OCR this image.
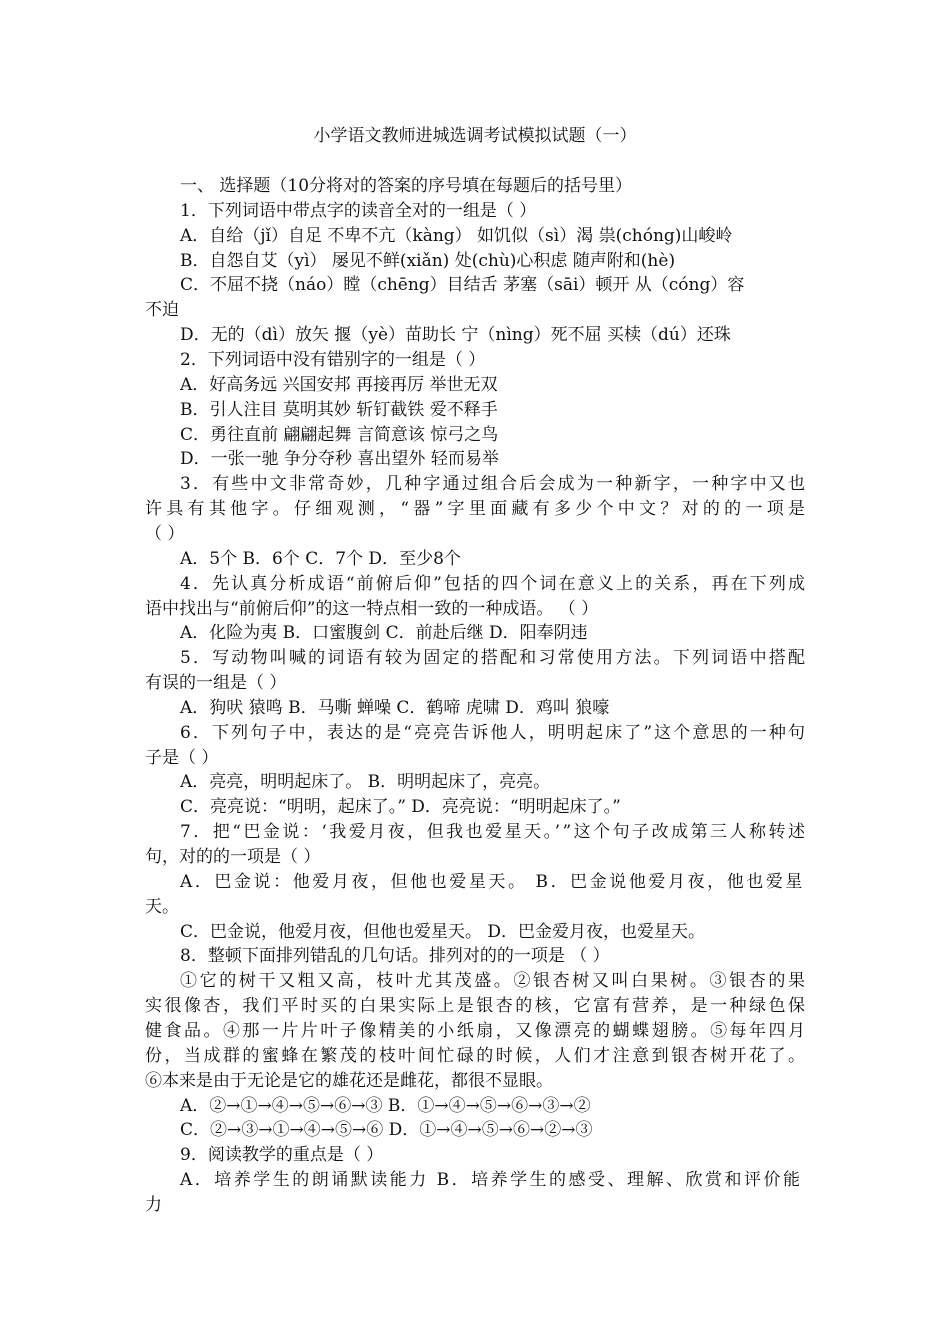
小学语文教师进城选调考试模拟试题（一）
一、 选择题（10分将对的答案的序号填在每题后的括号里）
1．下列词语中带点字的读音全对的一组是（ ）
A．自给（jǐ）自足 不卑不亢（kàng） 如饥似（sì）渴 祟(chóng)山峻岭
B．自怨自艾（yì） 屡见不鲜(xiǎn) 处(chù)心积虑 随声附和(hè)
C．不屈不挠（náo）瞠（chēng）目结舌 茅塞（sāi）顿开 从（cóng）容
不迫
D．无的（dì）放矢 揠（yè）苗助长 宁（nìng）死不屈 买椟（dú）还珠
2．下列词语中没有错别字的一组是（ ）
A．好高务远 兴国安邦 再接再厉 举世无双
B．引人注目 莫明其妙 斩钉截铁 爱不释手
C．勇往直前 翩翩起舞 言简意该 惊弓之鸟
D．一张一驰 争分夺秒 喜出望外 轻而易举
3．有些中文非常奇妙，几种字通过组合后会成为一种新字，一种字中又也
许具有其他字。仔细观测，“器”字里面藏有多少个中文？对的的一项是
（ ）
A．5个 B．6个 C．7个 D．至少8个
4．先认真分析成语“前俯后仰”包括的四个词在意义上的关系，再在下列成
语中找出与“前俯后仰”的这一特点相一致的一种成语。 （ ）
A．化险为夷 B．口蜜腹剑 C．前赴后继 D．阳奉阴违
5．写动物叫喊的词语有较为固定的搭配和习常使用方法。下列词语中搭配
有误的一组是（ ）
A．狗吠 猿鸣 B．马嘶 蝉噪 C．鹤啼 虎啸 D．鸡叫 狼嚎
6．下列句子中，表达的是“亮亮告诉他人，明明起床了”这个意思的一种句
子是（ ）
A．亮亮，明明起床了。 B．明明起床了，亮亮。
C．亮亮说：“明明，起床了。” D．亮亮说：“明明起床了。”
7．把“巴金说：‘我爱月夜，但我也爱星天。’”这个句子改成第三人称转述
句，对的的一项是（ ）
A．巴金说：他爱月夜，但他也爱星天。 B．巴金说他爱月夜，他也爱星
天。
C．巴金说，他爱月夜，但他也爱星天。 D．巴金爱月夜，也爱星天。
8．整顿下面排列错乱的几句话。排列对的的一项是 （ ）
①它的树干又粗又高，枝叶尤其茂盛。②银杏树又叫白果树。③银杏的果
实很像杏，我们平时买的白果实际上是银杏的核，它富有营养，是一种绿色保
健食品。④那一片片叶子像精美的小纸扇，又像漂亮的蝴蝶翅膀。⑤每年四月
份，当成群的蜜蜂在繁茂的枝叶间忙碌的时候，人们才注意到银杏树开花了。
⑥本来是由于无论是它的雄花还是雌花，都很不显眼。
A．②→①→④→⑤→⑥→③ B．①→④→⑤→⑥→③→②
C．②→③→①→④→⑤→⑥ D．①→④→⑤→⑥→②→③
9．阅读教学的重点是（ ）
A．培养学生的朗诵默读能力 B．培养学生的感受、理解、欣赏和评价能
力
